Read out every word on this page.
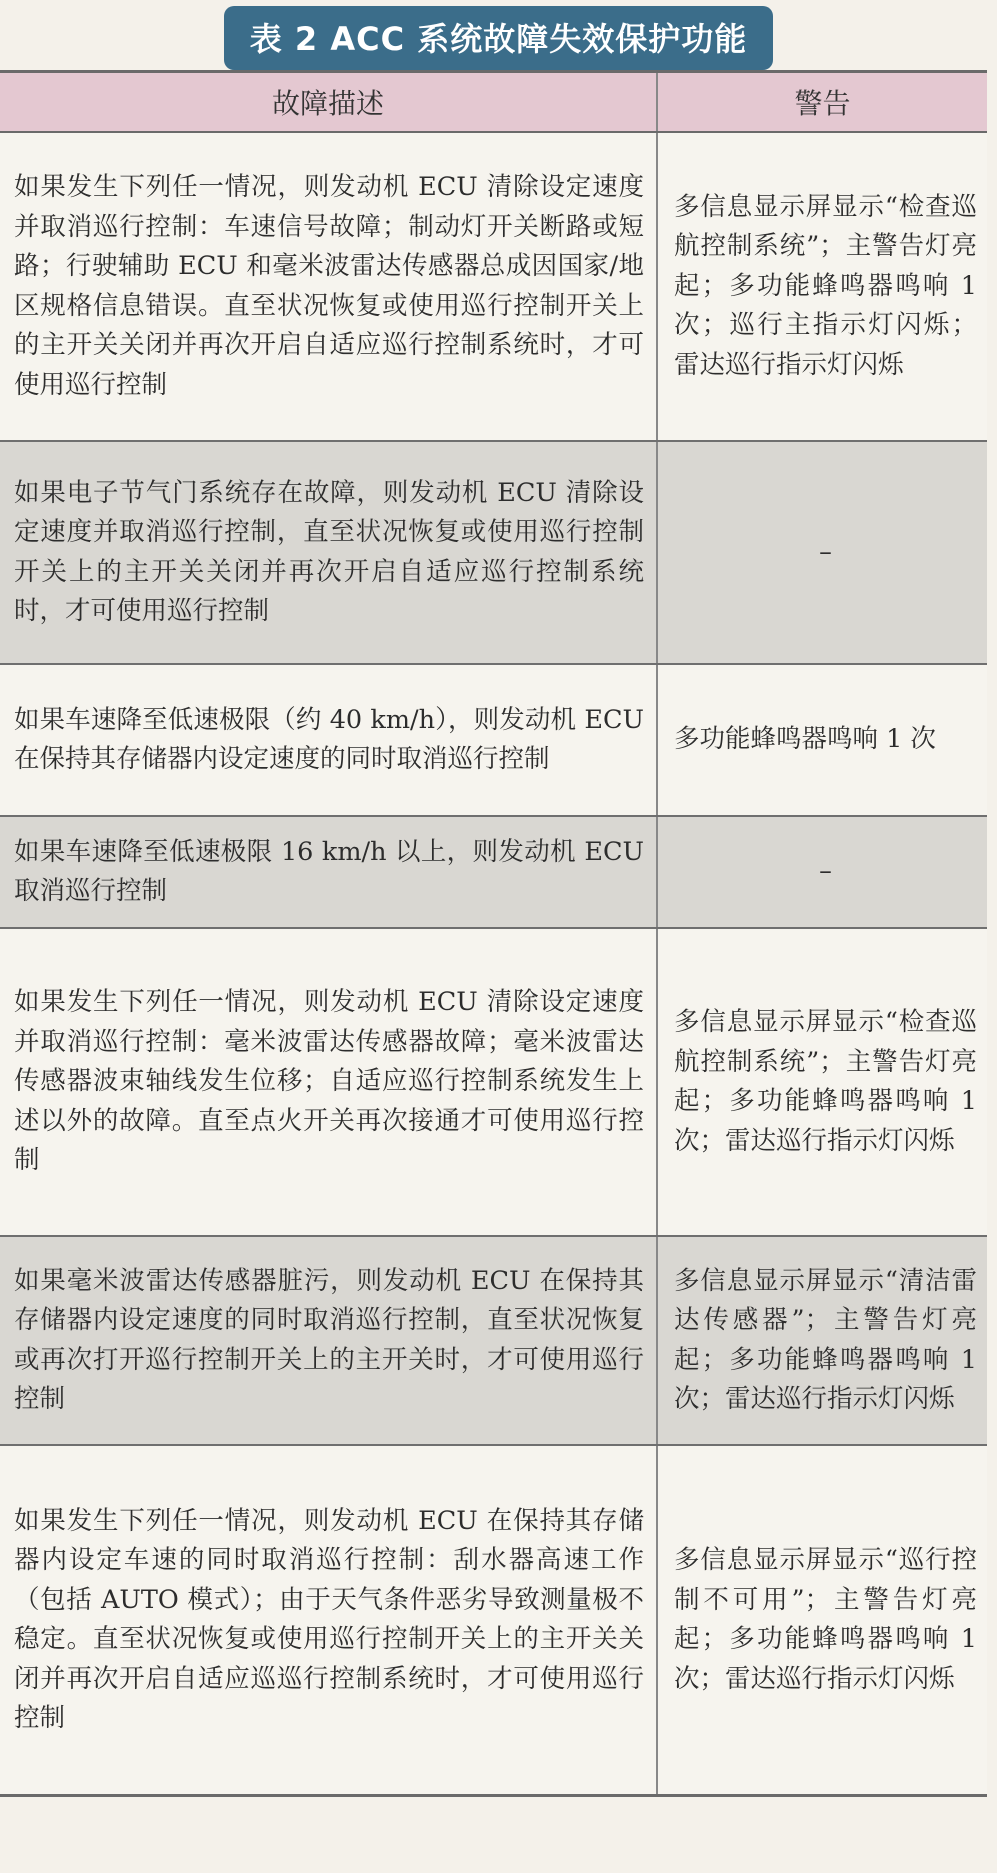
表 2 ACC 系统故障失效保护功能
故障描述	警告
如果发生下列任一情况，则发动机 ECU 清除设定速度并取消巡行控制：车速信号故障；制动灯开关断路或短路；行驶辅助 ECU 和毫米波雷达传感器总成因国家/地区规格信息错误。直至状况恢复或使用巡行控制开关上的主开关关闭并再次开启自适应巡行控制系统时，才可使用巡行控制	多信息显示屏显示“检查巡航控制系统”；主警告灯亮起；多功能蜂鸣器鸣响 1 次；巡行主指示灯闪烁；雷达巡行指示灯闪烁
如果电子节气门系统存在故障，则发动机 ECU 清除设定速度并取消巡行控制，直至状况恢复或使用巡行控制开关上的主开关关闭并再次开启自适应巡行控制系统时，才可使用巡行控制	–
如果车速降至低速极限（约 40 km/h），则发动机 ECU 在保持其存储器内设定速度的同时取消巡行控制	多功能蜂鸣器鸣响 1 次
如果车速降至低速极限 16 km/h 以上，则发动机 ECU 取消巡行控制	–
如果发生下列任一情况，则发动机 ECU 清除设定速度并取消巡行控制：毫米波雷达传感器故障；毫米波雷达传感器波束轴线发生位移；自适应巡行控制系统发生上述以外的故障。直至点火开关再次接通才可使用巡行控制	多信息显示屏显示“检查巡航控制系统”；主警告灯亮起；多功能蜂鸣器鸣响 1 次；雷达巡行指示灯闪烁
如果毫米波雷达传感器脏污，则发动机 ECU 在保持其存储器内设定速度的同时取消巡行控制，直至状况恢复或再次打开巡行控制开关上的主开关时，才可使用巡行控制	多信息显示屏显示“清洁雷达传感器”；主警告灯亮起；多功能蜂鸣器鸣响 1 次；雷达巡行指示灯闪烁
如果发生下列任一情况，则发动机 ECU 在保持其存储器内设定车速的同时取消巡行控制：刮水器高速工作（包括 AUTO 模式）；由于天气条件恶劣导致测量极不稳定。直至状况恢复或使用巡行控制开关上的主开关关闭并再次开启自适应巡巡行控制系统时，才可使用巡行控制	多信息显示屏显示“巡行控制不可用”；主警告灯亮起；多功能蜂鸣器鸣响 1 次；雷达巡行指示灯闪烁
